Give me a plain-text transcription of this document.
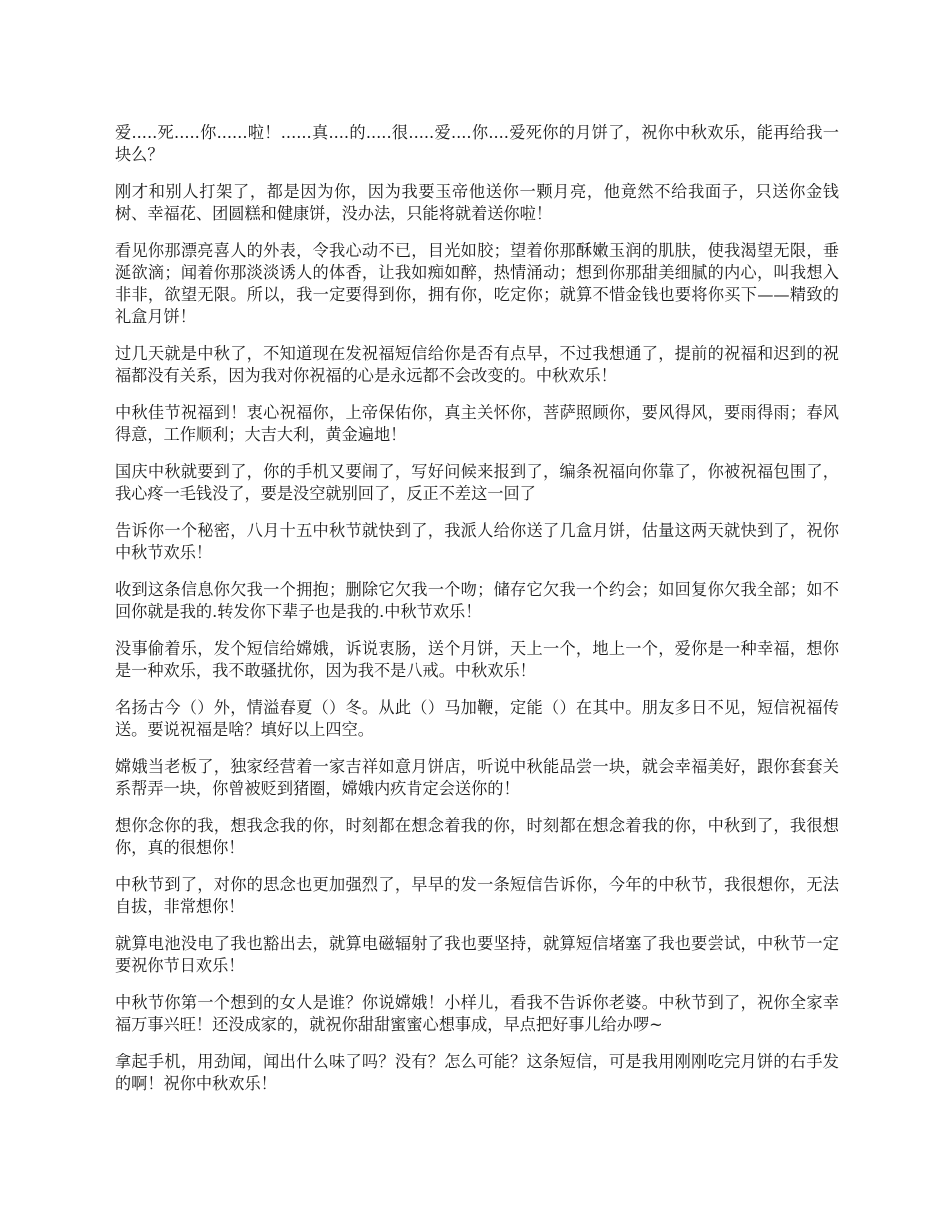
爱.....死.....你......啦！......真....的.....很.....爱....你....爱死你的月饼了，祝你中秋欢乐，能再给我一块么？

刚才和别人打架了，都是因为你，因为我要玉帝他送你一颗月亮，他竟然不给我面子，只送你金钱树、幸福花、团圆糕和健康饼，没办法，只能将就着送你啦！

看见你那漂亮喜人的外表，令我心动不已，目光如胶；望着你那酥嫩玉润的肌肤，使我渴望无限，垂涎欲滴；闻着你那淡淡诱人的体香，让我如痴如醉，热情涌动；想到你那甜美细腻的内心，叫我想入非非，欲望无限。所以，我一定要得到你，拥有你，吃定你；就算不惜金钱也要将你买下——精致的礼盒月饼！

过几天就是中秋了，不知道现在发祝福短信给你是否有点早，不过我想通了，提前的祝福和迟到的祝福都没有关系，因为我对你祝福的心是永远都不会改变的。中秋欢乐！

中秋佳节祝福到！衷心祝福你，上帝保佑你，真主关怀你，菩萨照顾你，要风得风，要雨得雨；春风得意，工作顺利；大吉大利，黄金遍地！

国庆中秋就要到了，你的手机又要闹了，写好问候来报到了，编条祝福向你靠了，你被祝福包围了，我心疼一毛钱没了，要是没空就别回了，反正不差这一回了

告诉你一个秘密，八月十五中秋节就快到了，我派人给你送了几盒月饼，估量这两天就快到了，祝你中秋节欢乐！

收到这条信息你欠我一个拥抱；删除它欠我一个吻；储存它欠我一个约会；如回复你欠我全部；如不回你就是我的.转发你下辈子也是我的.中秋节欢乐！

没事偷着乐，发个短信给嫦娥，诉说衷肠，送个月饼，天上一个，地上一个，爱你是一种幸福，想你是一种欢乐，我不敢骚扰你，因为我不是八戒。中秋欢乐！

名扬古今（）外，情溢春夏（）冬。从此（）马加鞭，定能（）在其中。朋友多日不见，短信祝福传送。要说祝福是啥？填好以上四空。

嫦娥当老板了，独家经营着一家吉祥如意月饼店，听说中秋能品尝一块，就会幸福美好，跟你套套关系帮弄一块，你曾被贬到猪圈，嫦娥内疚肯定会送你的！

想你念你的我，想我念我的你，时刻都在想念着我的你，时刻都在想念着我的你，中秋到了，我很想你，真的很想你！

中秋节到了，对你的思念也更加强烈了，早早的发一条短信告诉你，今年的中秋节，我很想你，无法自拔，非常想你！

就算电池没电了我也豁出去，就算电磁辐射了我也要坚持，就算短信堵塞了我也要尝试，中秋节一定要祝你节日欢乐！

中秋节你第一个想到的女人是谁？你说嫦娥！小样儿，看我不告诉你老婆。中秋节到了，祝你全家幸福万事兴旺！还没成家的，就祝你甜甜蜜蜜心想事成，早点把好事儿给办啰~

拿起手机，用劲闻，闻出什么味了吗？没有？怎么可能？这条短信，可是我用刚刚吃完月饼的右手发的啊！祝你中秋欢乐！
